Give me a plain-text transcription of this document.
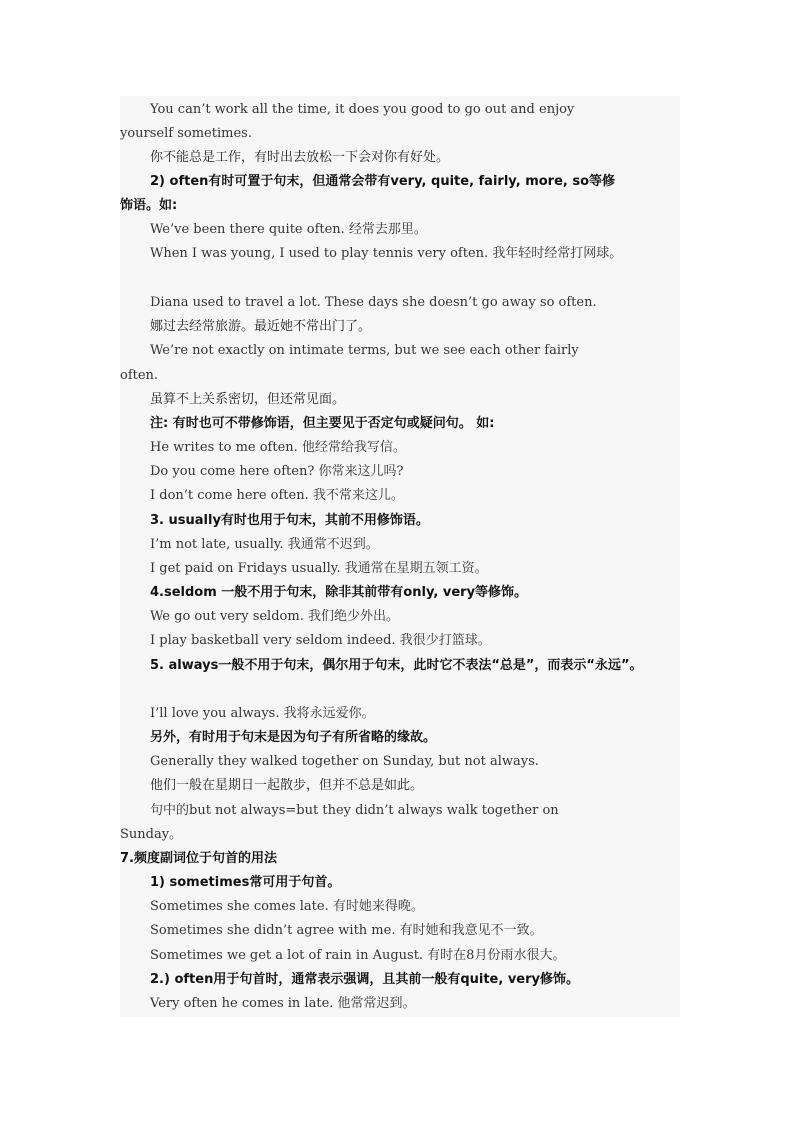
You can’t work all the time, it does you good to go out and enjoy
yourself sometimes.
你不能总是工作，有时出去放松一下会对你有好处。
2) often有时可置于句末，但通常会带有very, quite, fairly, more, so等修
饰语。如:
We’ve been there quite often. 经常去那里。
When I was young, I used to play tennis very often. 我年轻时经常打网球。
Diana used to travel a lot. These days she doesn’t go away so often.
娜过去经常旅游。最近她不常出门了。
We’re not exactly on intimate terms, but we see each other fairly
often.
虽算不上关系密切，但还常见面。
注: 有时也可不带修饰语，但主要见于否定句或疑问句。 如:
He writes to me often. 他经常给我写信。
Do you come here often? 你常来这儿吗?
I don’t come here often. 我不常来这儿。
3. usually有时也用于句末，其前不用修饰语。
I’m not late, usually. 我通常不迟到。
I get paid on Fridays usually. 我通常在星期五领工资。
4.seldom 一般不用于句末，除非其前带有only, very等修饰。
We go out very seldom. 我们绝少外出。
I play basketball very seldom indeed. 我很少打篮球。
5. always一般不用于句末，偶尔用于句末，此时它不表法“总是”，而表示“永远”。
I’ll love you always. 我将永远爱你。
另外，有时用于句末是因为句子有所省略的缘故。
Generally they walked together on Sunday, but not always.
他们一般在星期日一起散步，但并不总是如此。
句中的but not always=but they didn’t always walk together on
Sunday。
7.频度副词位于句首的用法
1) sometimes常可用于句首。
Sometimes she comes late. 有时她来得晚。
Sometimes she didn’t agree with me. 有时她和我意见不一致。
Sometimes we get a lot of rain in August. 有时在8月份雨水很大。
2.) often用于句首时，通常表示强调，且其前一般有quite, very修饰。
Very often he comes in late. 他常常迟到。
